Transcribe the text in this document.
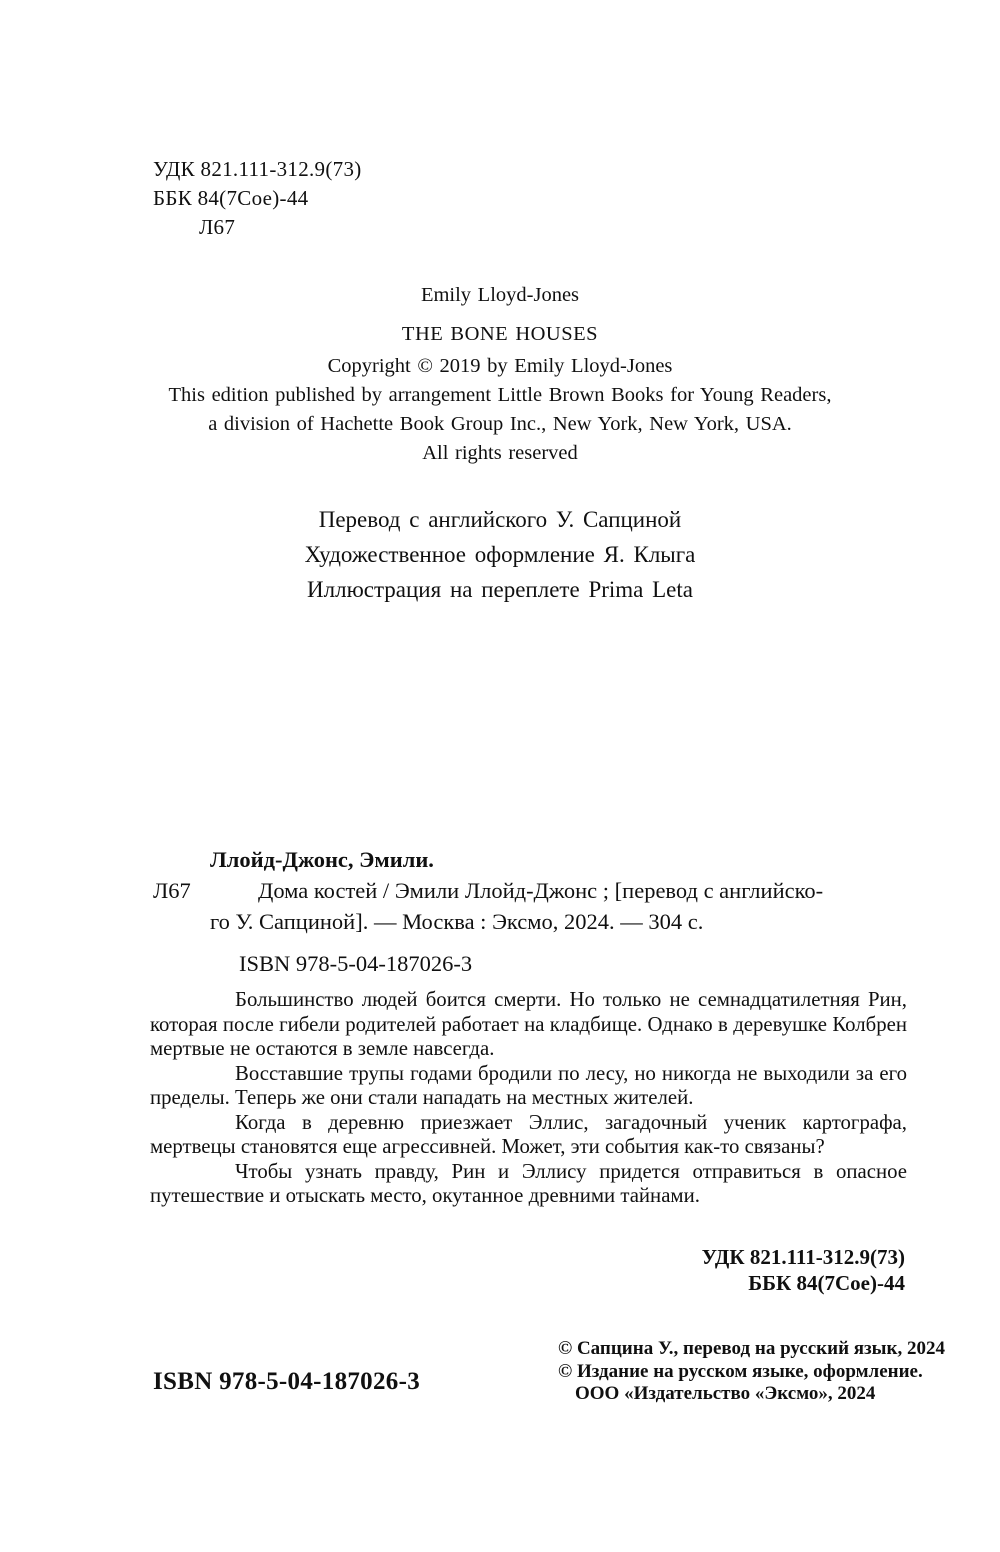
УДК 821.111-312.9(73)

ББК 84(7Сое)-44

Л67

Emily Lloyd-Jones

THE BONE HOUSES

Copyright © 2019 by Emily Lloyd-Jones

This edition published by arrangement Little Brown Books for Young Readers,

a division of Hachette Book Group Inc., New York, New York, USA.

All rights reserved

Перевод с английского У. Сапциной

Художественное оформление Я. Клыга

Иллюстрация на переплете Prima Leta

Ллойд-Джонс, Эмили.

Л67	Дома костей / Эмили Ллойд-Джонс ; [перевод с английско-

го У. Сапциной]. — Москва : Эксмо, 2024. — 304 с.

ISBN 978-5-04-187026-3

Большинство людей боится смерти. Но только не семнадцатилетняя Рин, которая после гибели родителей работает на кладбище. Однако в деревушке Колбрен мертвые не остаются в земле навсегда.

Восставшие трупы годами бродили по лесу, но никогда не выходили за его пределы. Теперь же они стали нападать на местных жителей.

Когда в деревню приезжает Эллис, загадочный ученик картографа, мертвецы становятся еще агрессивней. Может, эти события как-то связаны?

Чтобы узнать правду, Рин и Эллису придется отправиться в опасное путешествие и отыскать место, окутанное древними тайнами.

УДК 821.111-312.9(73)

ББК 84(7Сое)-44

© Сапцина У., перевод на русский язык, 2024

© Издание на русском языке, оформление.

ООО «Издательство «Эксмо», 2024

ISBN 978-5-04-187026-3
